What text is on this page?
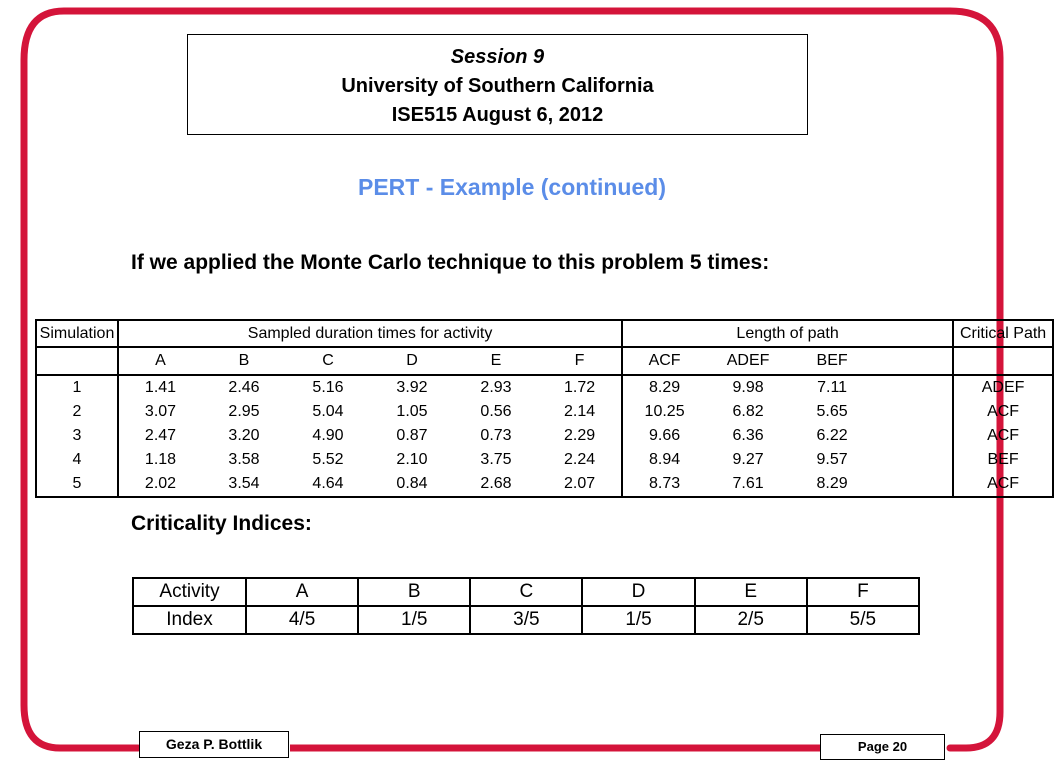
Session 9
University of Southern California
ISE515 August 6, 2012
PERT - Example (continued)
If we applied the Monte Carlo technique to this problem 5 times:
Simulation	Sampled duration times for activity						Length of path				Critical Path
	A	B	C	D	E	F	ACF	ADEF	BEF		
1	1.41	2.46	5.16	3.92	2.93	1.72	8.29	9.98	7.11		ADEF
2	3.07	2.95	5.04	1.05	0.56	2.14	10.25	6.82	5.65		ACF
3	2.47	3.20	4.90	0.87	0.73	2.29	9.66	6.36	6.22		ACF
4	1.18	3.58	5.52	2.10	3.75	2.24	8.94	9.27	9.57		BEF
5	2.02	3.54	4.64	0.84	2.68	2.07	8.73	7.61	8.29		ACF
Criticality Indices:
Activity	A	B	C	D	E	F
Index	4/5	1/5	3/5	1/5	2/5	5/5
Geza P. Bottlik	Page 20
